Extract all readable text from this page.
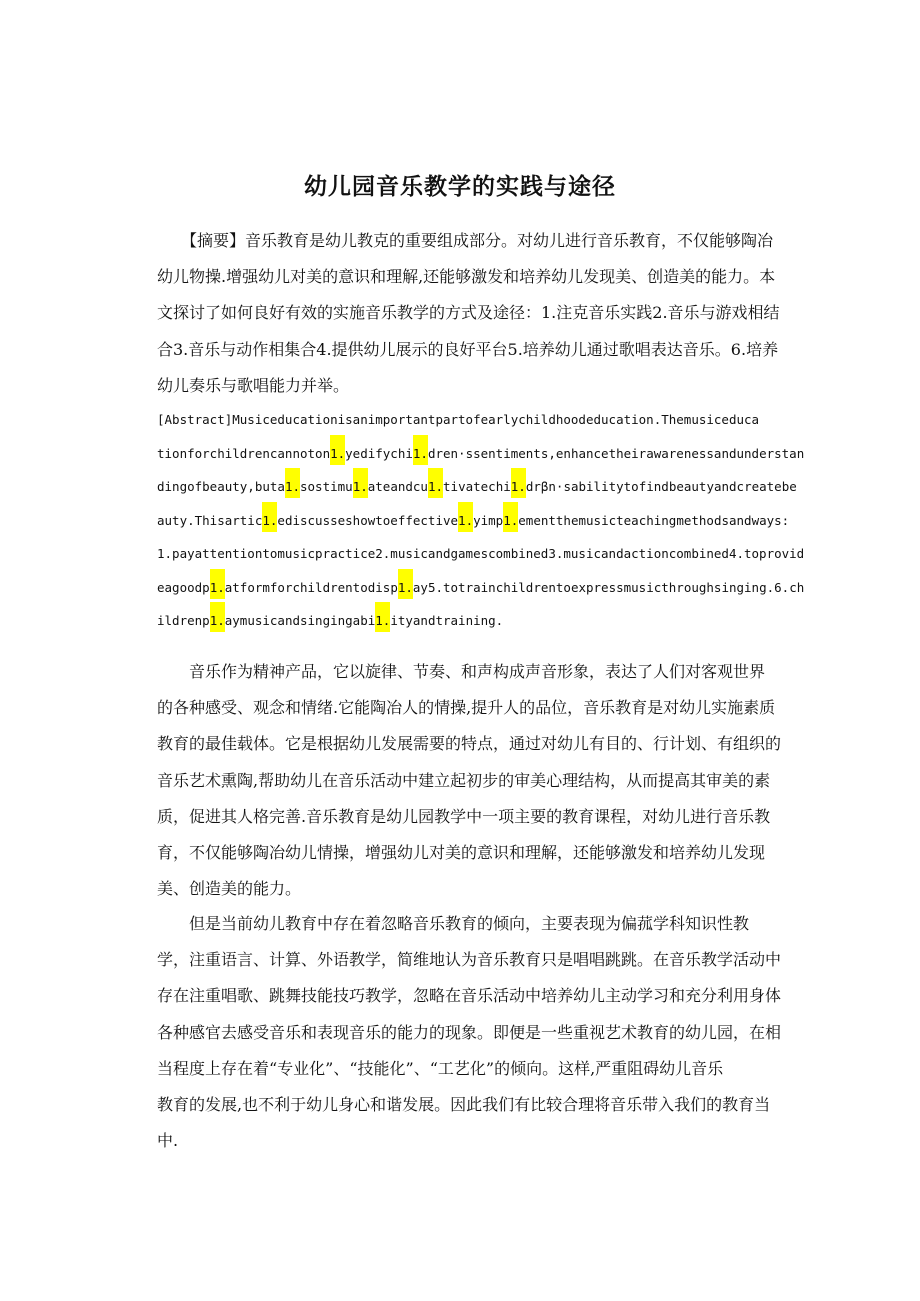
幼儿园音乐教学的实践与途径
　　【摘要】音乐教育是幼儿教克的重要组成部分。对幼儿进行音乐教育，不仅能够陶冶
幼儿物操.增强幼儿对美的意识和理解,还能够激发和培养幼儿发现美、创造美的能力。本
文探讨了如何良好有效的实施音乐教学的方式及途径：1.注克音乐实践2.音乐与游戏相结
合3.音乐与动作相集合4.提供幼儿展示的良好平台5.培养幼儿通过歌唱表达音乐。6.培养
幼儿奏乐与歌唱能力并举。
[Abstract]Musiceducationisanimportantpartofearlychildhoodeducation.Themusiceduca
tionforchildrencannoton1.yedifychi1.dren·ssentiments,enhancetheirawarenessandunderstan
dingofbeauty,buta1.sostimu1.ateandcu1.tivatechi1.drβn·sabilitytofindbeautyandcreatebe
auty.Thisartic1.ediscusseshowtoeffective1.yimp1.ementthemusicteachingmethodsandways:
1.payattentiontomusicpractice2.musicandgamescombined3.musicandactioncombined4.toprovid
eagoodp1.atformforchildrentodisp1.ay5.totrainchildrentoexpressmusicthroughsinging.6.ch
ildrenp1.aymusicandsingingabi1.ityandtraining.
　　音乐作为精神产品，它以旋律、节奏、和声构成声音形象，表达了人们对客观世界
的各种感受、观念和情绪.它能陶冶人的情操,提升人的品位，音乐教育是对幼儿实施素质
教育的最佳载体。它是根据幼儿发展需要的特点，通过对幼儿有目的、行计划、有组织的
音乐艺术熏陶,帮助幼儿在音乐活动中建立起初步的审美心理结构，从而提高其审美的素
质，促进其人格完善.音乐教育是幼儿园教学中一项主要的教育课程，对幼儿进行音乐教
育，不仅能够陶冶幼儿情操，增强幼儿对美的意识和理解，还能够激发和培养幼儿发现
美、创造美的能力。
　　但是当前幼儿教育中存在着忽略音乐教育的倾向，主要表现为偏菰学科知识性教
学，注重语言、计算、外语教学，简维地认为音乐教育只是唱唱跳跳。在音乐教学活动中
存在注重唱歌、跳舞技能技巧教学，忽略在音乐活动中培养幼儿主动学习和充分利用身体
各种感官去感受音乐和表现音乐的能力的现象。即便是一些重视艺术教育的幼儿园，在相
当程度上存在着“专业化”、“技能化”、“工艺化”的倾向。这样,严重阻碍幼儿音乐
教育的发展,也不利于幼儿身心和谐发展。因此我们有比较合理将音乐带入我们的教育当
中.
